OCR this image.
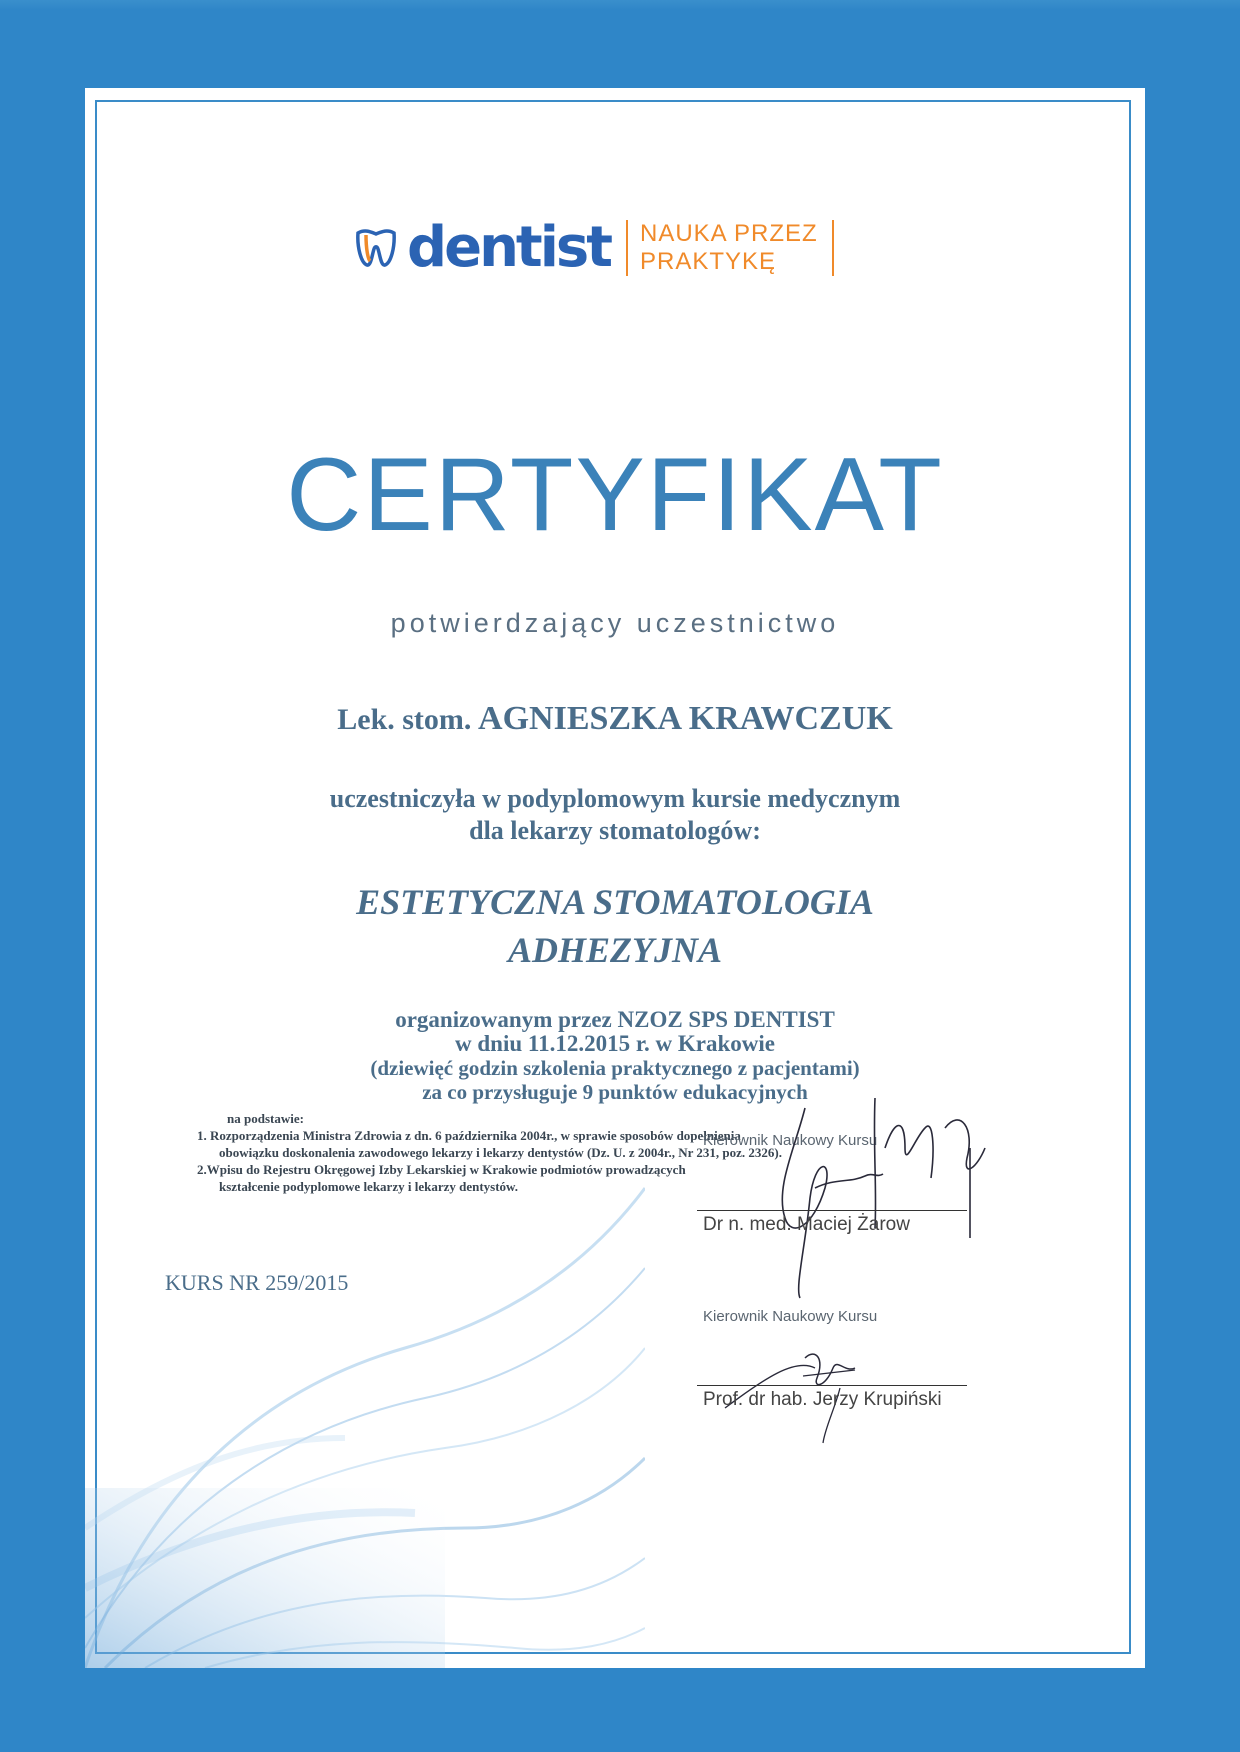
dentist NAUKA PRZEZ
PRAKTYKĘ
CERTYFIKAT
potwierdzający uczestnictwo
Lek. stom. AGNIESZKA KRAWCZUK
uczestniczyła w podyplomowym kursie medycznym
dla lekarzy stomatologów:
ESTETYCZNA STOMATOLOGIA
ADHEZYJNA
organizowanym przez NZOZ SPS DENTIST
w dniu 11.12.2015 r. w Krakowie
(dziewięć godzin szkolenia praktycznego z pacjentami)
za co przysługuje 9 punktów edukacyjnych
na podstawie:
1. Rozporządzenia Ministra Zdrowia z dn. 6 października 2004r., w sprawie sposobów dopełnienia
obowiązku doskonalenia zawodowego lekarzy i lekarzy dentystów (Dz. U. z 2004r., Nr 231, poz. 2326).
2.Wpisu do Rejestru Okręgowej Izby Lekarskiej w Krakowie podmiotów prowadzących
kształcenie podyplomowe lekarzy i lekarzy dentystów.
KURS NR 259/2015
Kierownik Naukowy Kursu
Dr n. med. Maciej Żarow
Kierownik Naukowy Kursu
Prof. dr hab. Jerzy Krupiński
